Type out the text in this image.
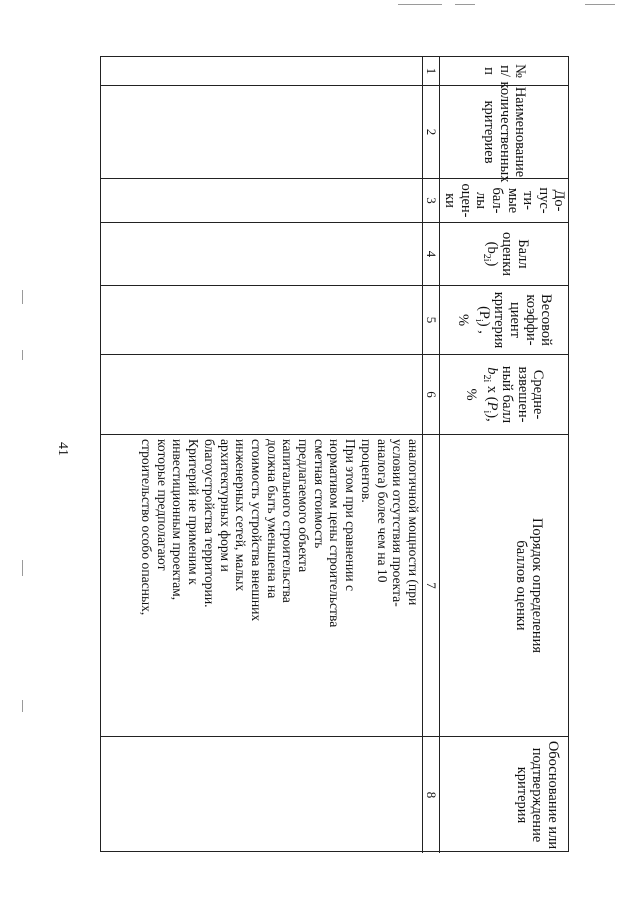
41
№
п/
п
Наименование
количественных
критериев
До-
пус-
ти-
мые
бал-
лы
оцен-
ки
Балл
оценки
$(b_{2i})$
Весовой
коэффи-
циент
критерия
$(P_i)$ ,
%
Средне-
взвешен-
ный балл
$b_{2i}$ x $(P_i)$,
%
Порядок определения
баллов оценки
Обоснование или
подтверждение
критерия
1
2
3
4
5
6
7
8
аналогичной мощности (при
условии отсутствия проекта-
аналога) более чем на 10
процентов.
При этом при сравнении с
нормативом цены строительства
сметная стоимость
предлагаемого объекта
капитального строительства
должна быть уменьшена на
стоимость устройства внешних
инженерных сетей, малых
архитектурных форм и
благоустройства территории.
Критерий не применим к
инвестиционным проектам,
которые предполагают
строительство особо опасных,
